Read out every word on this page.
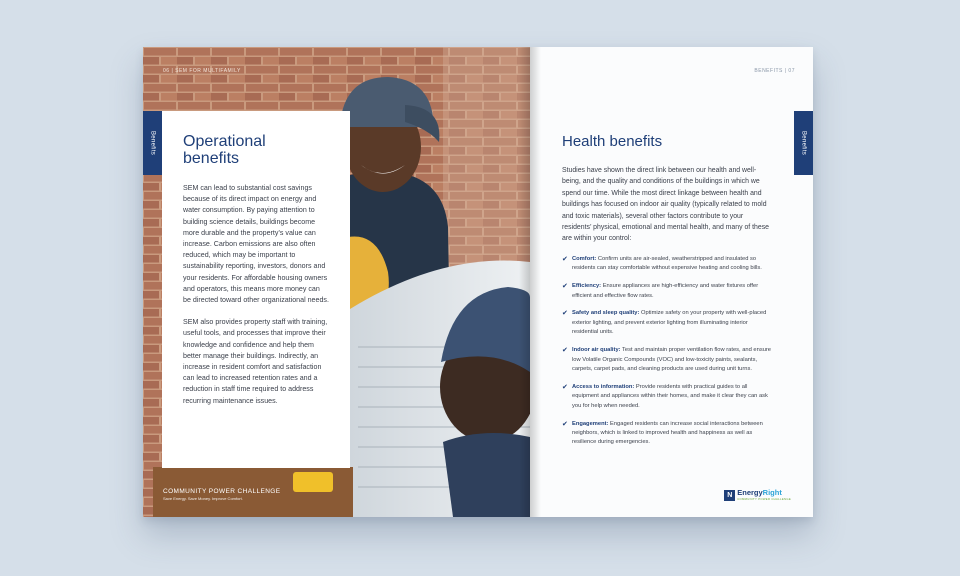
06 | SEM FOR MULTIFAMILY
Benefits Operational benefits

SEM can lead to substantial cost savings because of its direct impact on energy and water consumption. By paying attention to building science details, buildings become more durable and the property’s value can increase. Carbon emissions are also often reduced, which may be important to sustainability reporting, investors, donors and your residents. For affordable housing owners and operators, this means more money can be directed toward other organizational needs.

SEM also provides property staff with training, useful tools, and processes that improve their knowledge and confidence and help them better manage their buildings. Indirectly, an increase in resident comfort and satisfaction can lead to increased retention rates and a reduction in staff time required to address recurring maintenance issues.

COMMUNITY POWER CHALLENGE
Save Energy. Save Money. Improve Comfort.
BENEFITS | 07
Benefits
Health benefits

Studies have shown the direct link between our health and well-being, and the quality and conditions of the buildings in which we spend our time. While the most direct linkage between health and buildings has focused on indoor air quality (typically related to mold and toxic materials), several other factors contribute to your residents’ physical, emotional and mental health, and many of these are within your control:

✔ Comfort: Confirm units are air-sealed, weatherstripped and insulated so residents can stay comfortable without expensive heating and cooling bills.
✔ Efficiency: Ensure appliances are high-efficiency and water fixtures offer efficient and effective flow rates.
✔ Safety and sleep quality: Optimize safety on your property with well-placed exterior lighting, and prevent exterior lighting from illuminating interior residential units.
✔ Indoor air quality: Test and maintain proper ventilation flow rates, and ensure low Volatile Organic Compounds (VOC) and low-toxicity paints, sealants, carpets, carpet pads, and cleaning products are used during unit turns.
✔ Access to information: Provide residents with practical guides to all equipment and appliances within their homes, and make it clear they can ask you for help when needed.
✔ Engagement: Engaged residents can increase social interactions between neighbors, which is linked to improved health and happiness as well as resilience during emergencies.
N EnergyRight
COMMUNITY POWER CHALLENGE
